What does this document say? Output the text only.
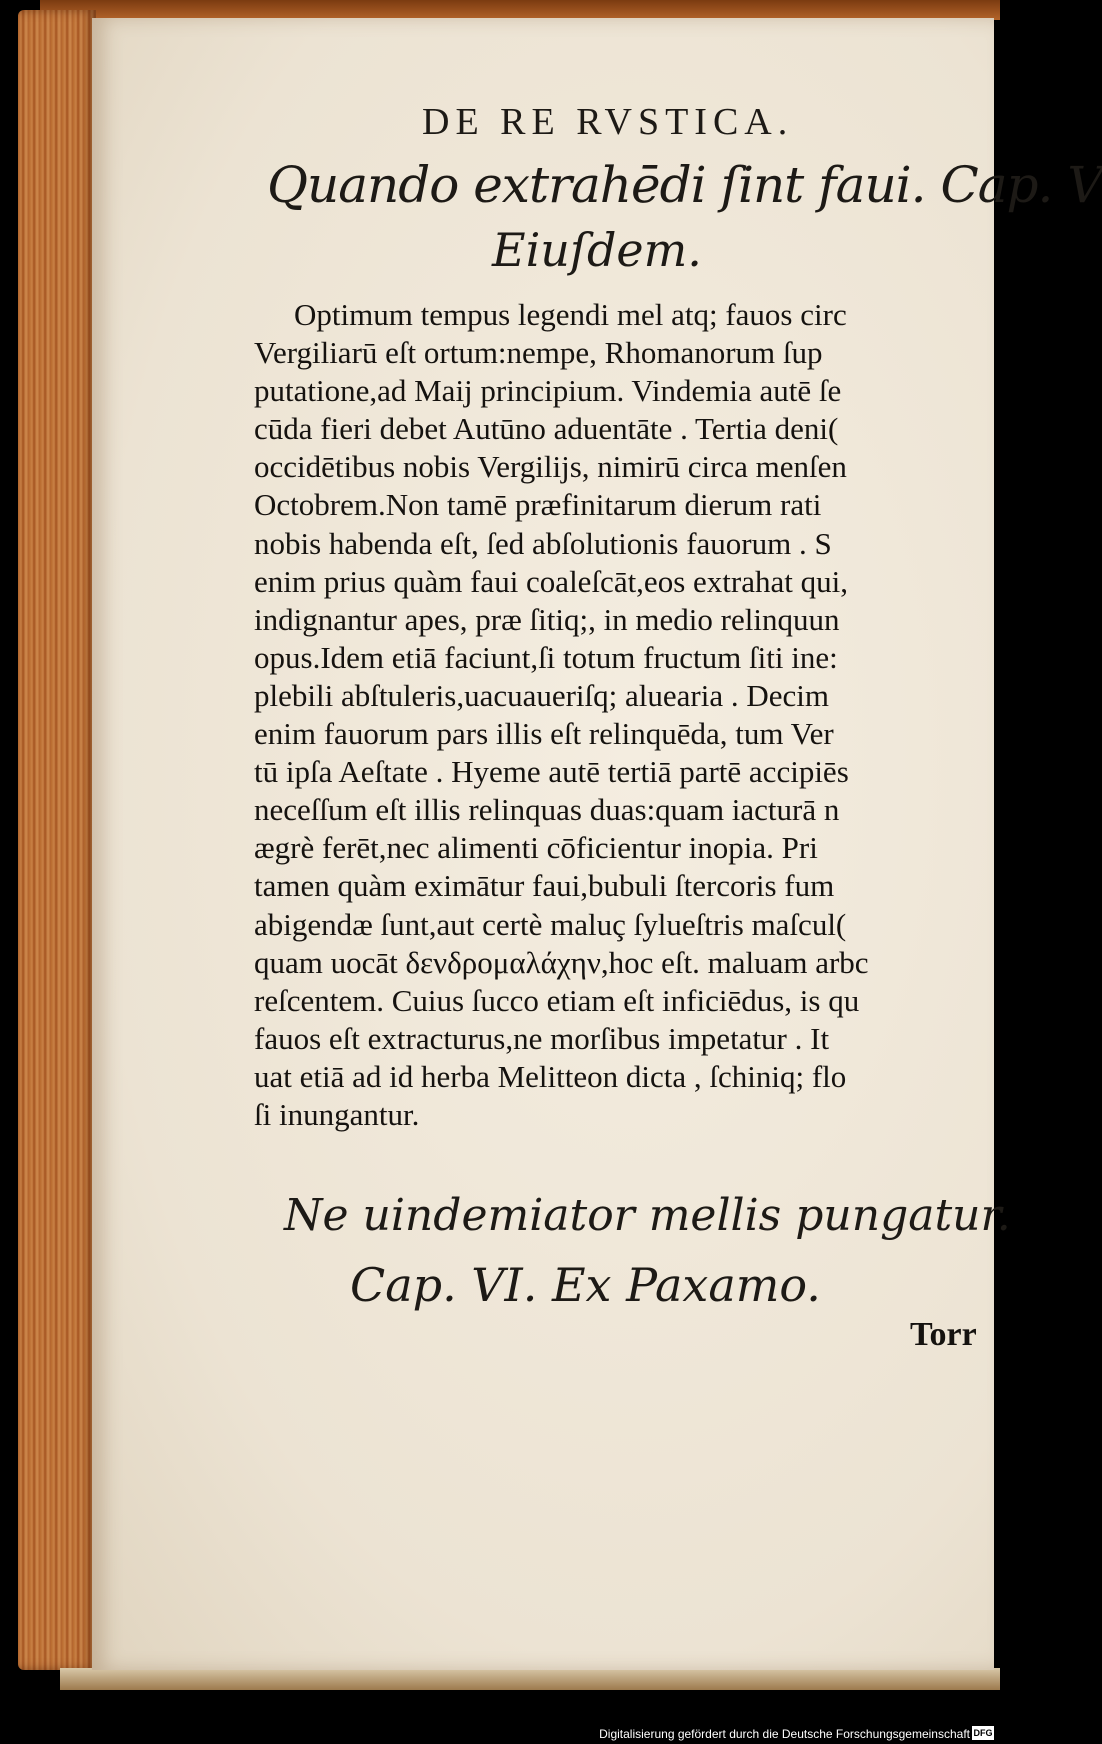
DE RE RVSTICA.
Quando extrahēdi ſint faui. Cap. V
Eiuſdem.
Optimum tempus legendi mel atq; fauos circ
Vergiliarū eſt ortum:nempe, Rhomanorum ſup
putatione,ad Maij principium. Vindemia autē ſe
cūda fieri debet Autūno aduentāte . Tertia deni(
occidētibus nobis Vergilijs, nimirū circa menſen
Octobrem.Non tamē præfinitarum dierum rati
nobis habenda eſt, ſed abſolutionis fauorum . S
enim prius quàm faui coaleſcāt,eos extrahat qui,
indignantur apes, præ ſitiq;, in medio relinquun
opus.Idem etiā faciunt,ſi totum fructum ſiti ine:
plebili abſtuleris,uacuaueriſq; aluearia . Decim
enim fauorum pars illis eſt relinquēda, tum Ver
tū ipſa Aeſtate . Hyeme autē tertiā partē accipiēs
neceſſum eſt illis relinquas duas:quam iacturā n
ægrè ferēt,nec alimenti cōficientur inopia. Pri
tamen quàm eximātur faui,bubuli ſtercoris fum
abigendæ ſunt,aut certè maluç ſylueſtris maſcul(
quam uocāt δενδρομαλάχην,hoc eſt. maluam arbc
reſcentem. Cuius ſucco etiam eſt inficiēdus, is qu
fauos eſt extracturus,ne morſibus impetatur . It
uat etiā ad id herba Melitteon dicta , ſchiniq; flo
ſi inungantur.
Ne uindemiator mellis pungatur.
Cap. VI. Ex Paxamo.
Torr
Digitalisierung gefördert durch die Deutsche Forschungsgemeinschaft DFG
